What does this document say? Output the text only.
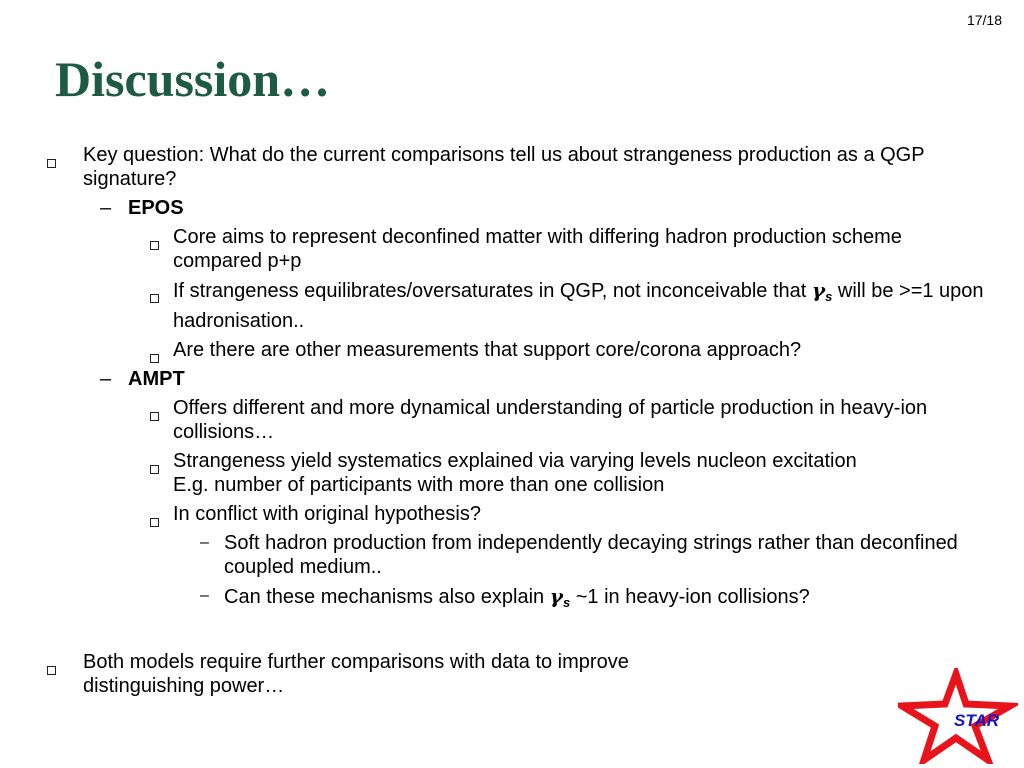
17/18
Discussion…
Key question: What do the current comparisons tell us about strangeness production as a QGP signature?
– EPOS
Core aims to represent deconfined matter with differing hadron production scheme compared p+p
If strangeness equilibrates/oversaturates in QGP, not inconceivable that $\gamma_s$ will be >=1 upon hadronisation..
Are there are other measurements that support core/corona approach?
– AMPT
Offers different and more dynamical understanding of particle production in heavy-ion collisions…
Strangeness yield systematics explained via varying levels nucleon excitation
E.g. number of participants with more than one collision
In conflict with original hypothesis?
– Soft hadron production from independently decaying strings rather than deconfined coupled medium..
– Can these mechanisms also explain $\gamma_s$ ~1 in heavy-ion collisions?
Both models require further comparisons with data to improve
distinguishing power…
STAR
